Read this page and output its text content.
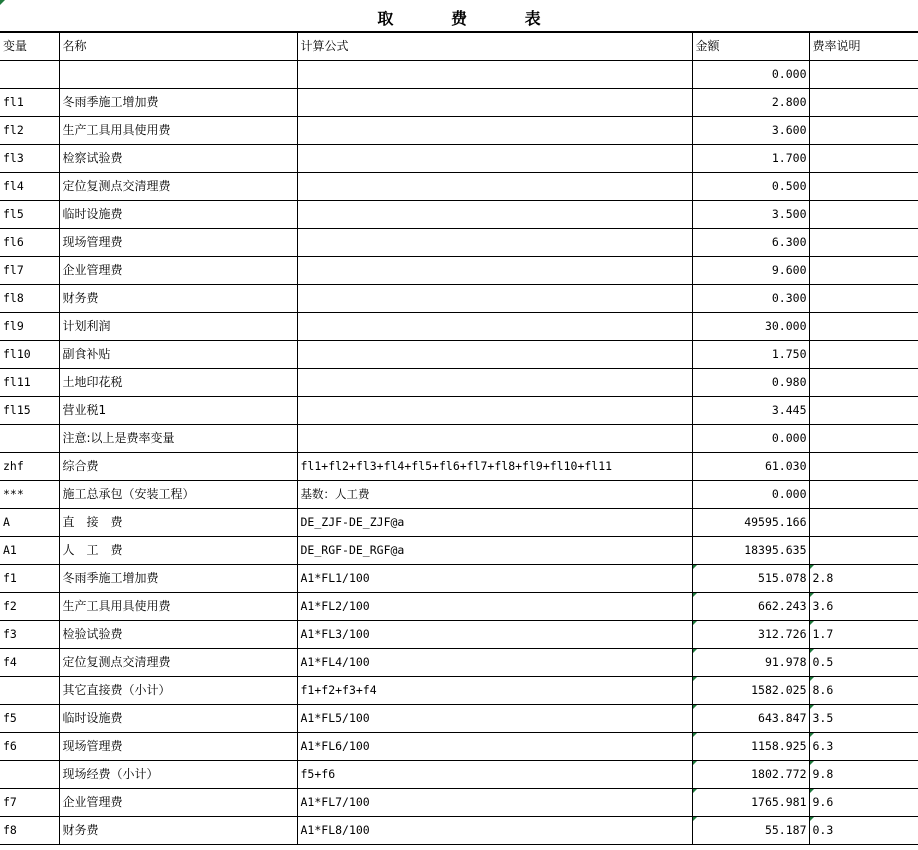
取 费 表
变量	名称	计算公式	金额	费率说明
			0.000	
fl1	冬雨季施工增加费		2.800	
fl2	生产工具用具使用费		3.600	
fl3	检察试验费		1.700	
fl4	定位复测点交清理费		0.500	
fl5	临时设施费		3.500	
fl6	现场管理费		6.300	
fl7	企业管理费		9.600	
fl8	财务费		0.300	
fl9	计划利润		30.000	
fl10	副食补贴		1.750	
fl11	土地印花税		0.980	
fl15	营业税1		3.445	
	注意:以上是费率变量		0.000	
zhf	综合费	fl1+fl2+fl3+fl4+fl5+fl6+fl7+fl8+fl9+fl10+fl11	61.030	
***	施工总承包（安装工程）	基数：人工费	0.000	
A	直　接　费	DE_ZJF-DE_ZJF@a	49595.166	
A1	人　工　费	DE_RGF-DE_RGF@a	18395.635	
f1	冬雨季施工增加费	A1*FL1/100	515.078	2.8
f2	生产工具用具使用费	A1*FL2/100	662.243	3.6
f3	检验试验费	A1*FL3/100	312.726	1.7
f4	定位复测点交清理费	A1*FL4/100	91.978	0.5
	其它直接费（小计）	f1+f2+f3+f4	1582.025	8.6
f5	临时设施费	A1*FL5/100	643.847	3.5
f6	现场管理费	A1*FL6/100	1158.925	6.3
	现场经费（小计）	f5+f6	1802.772	9.8
f7	企业管理费	A1*FL7/100	1765.981	9.6
f8	财务费	A1*FL8/100	55.187	0.3
